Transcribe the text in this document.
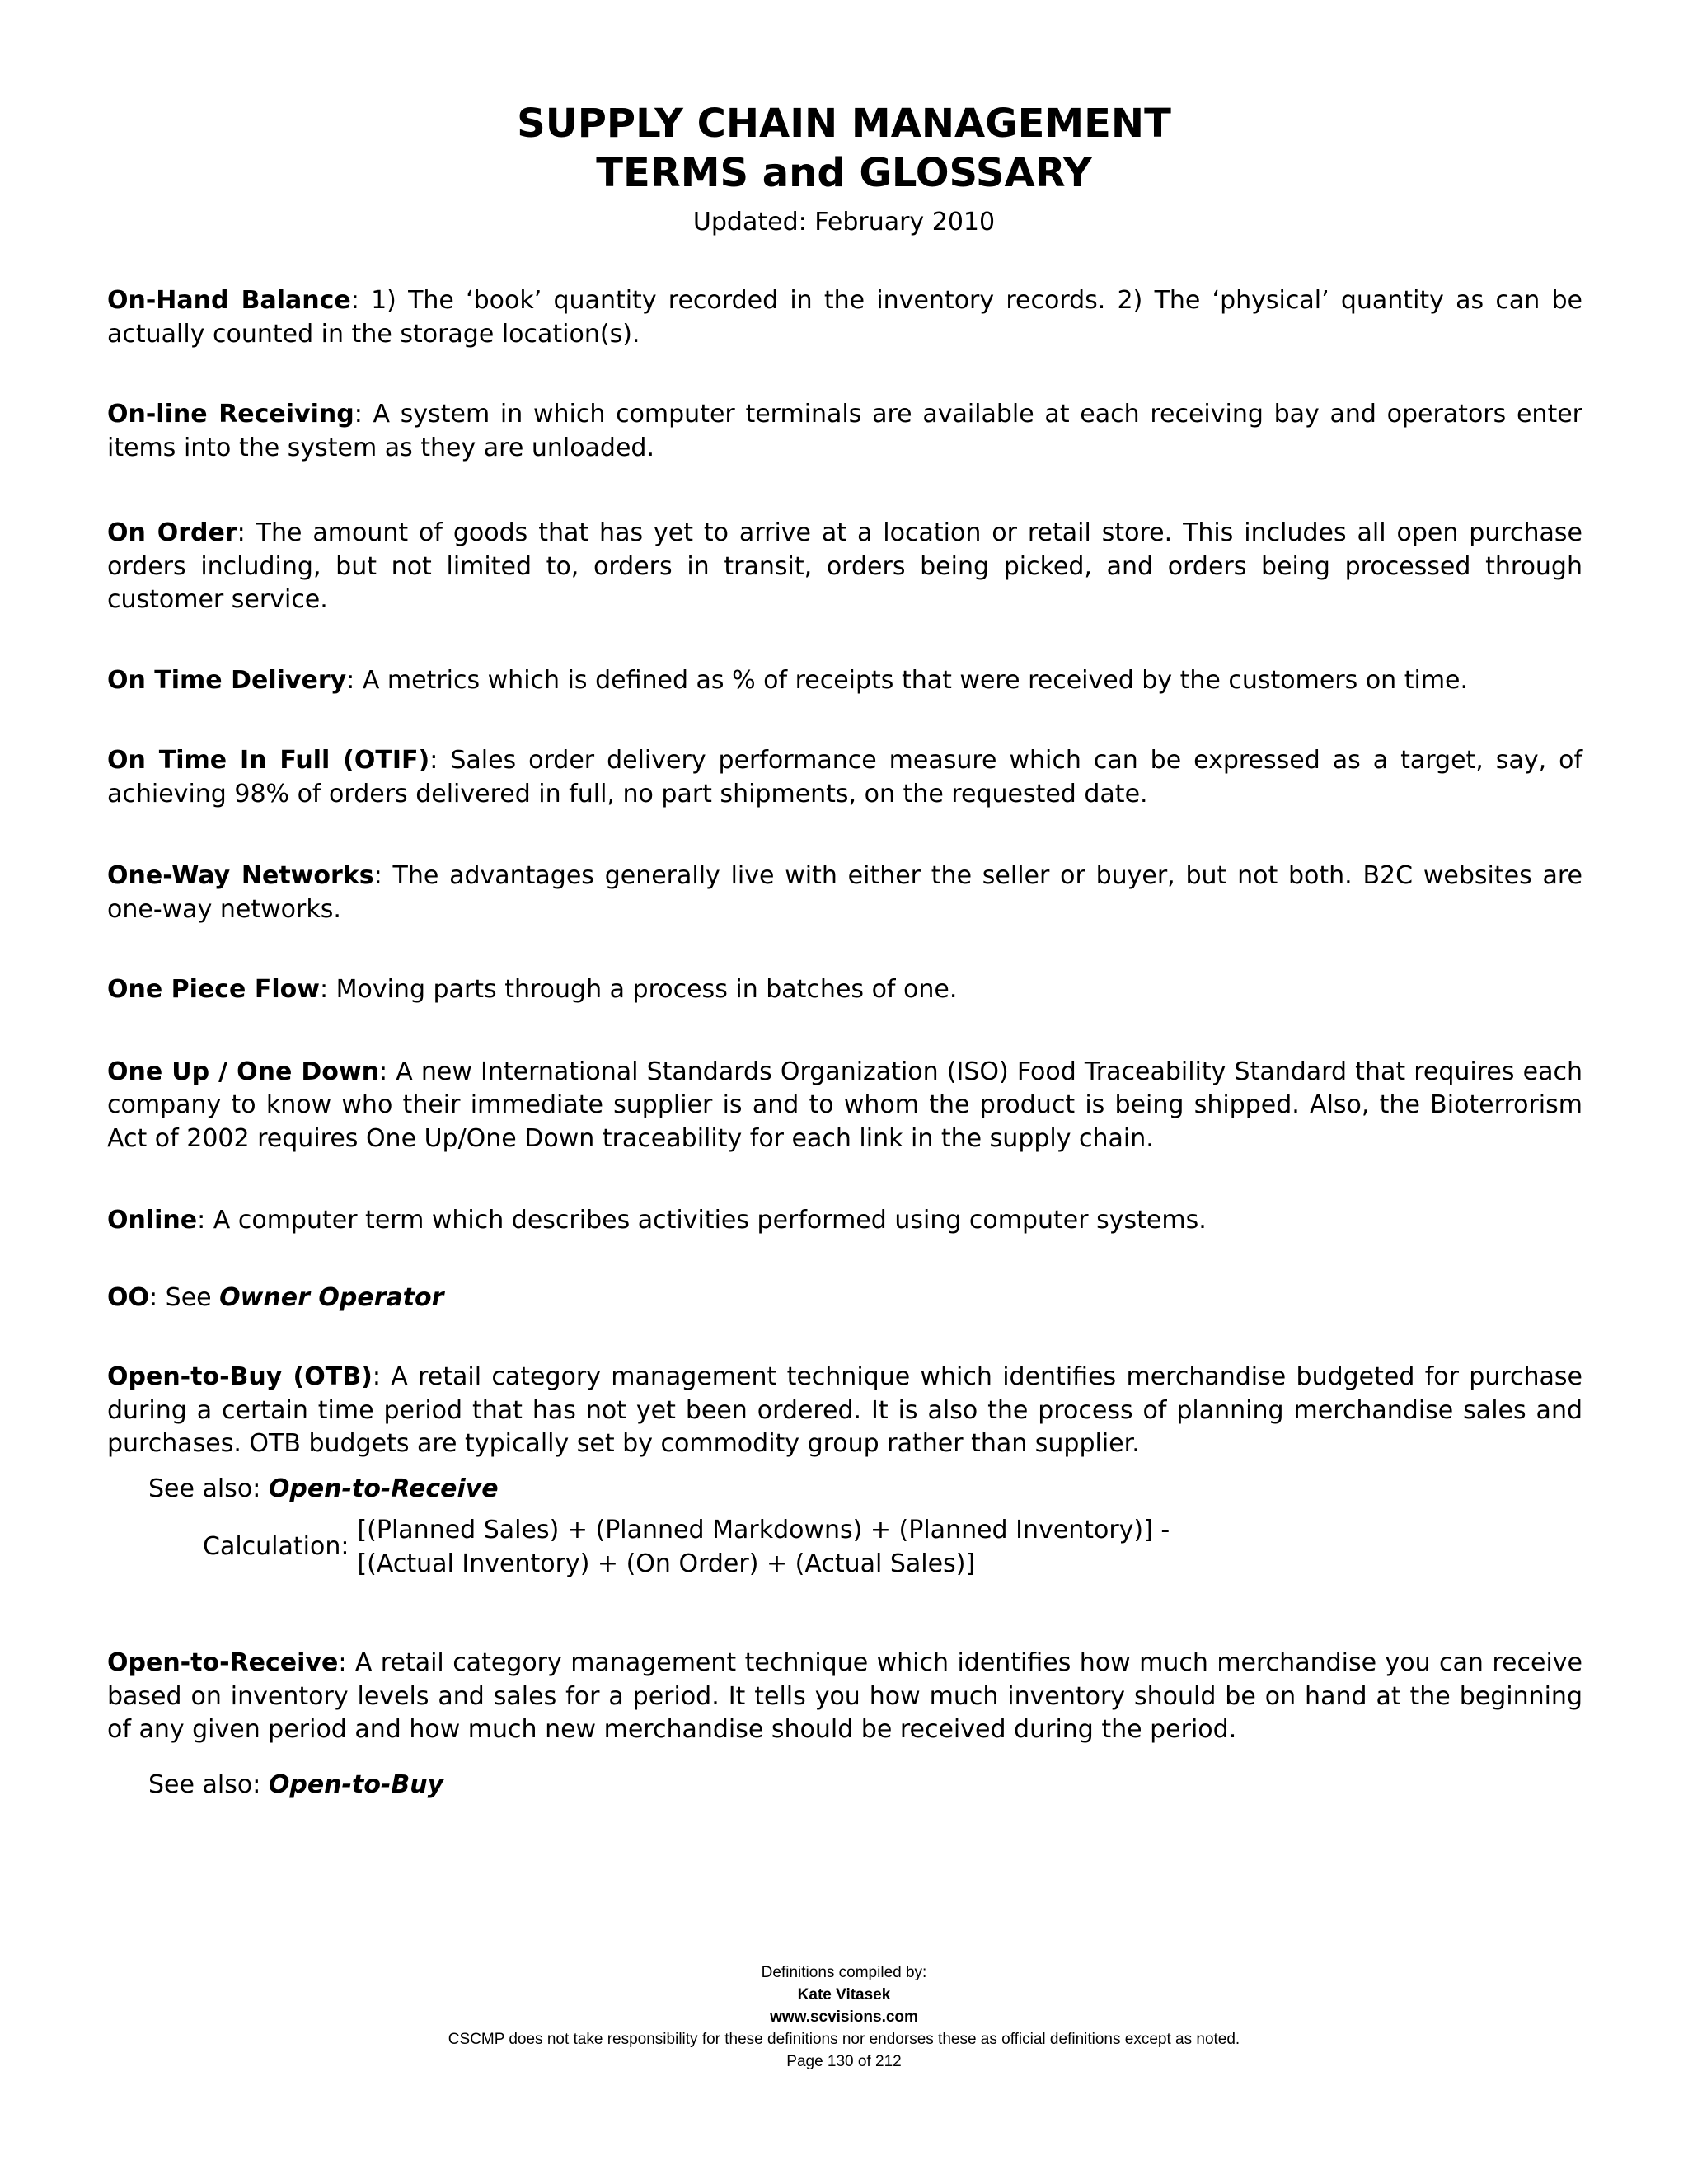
SUPPLY CHAIN MANAGEMENT
TERMS and GLOSSARY
Updated: February 2010

On-Hand Balance: 1) The ‘book’ quantity recorded in the inventory records. 2) The ‘physical’ quantity as can be actually counted in the storage location(s).

On-line Receiving: A system in which computer terminals are available at each receiving bay and operators enter items into the system as they are unloaded.

On Order: The amount of goods that has yet to arrive at a location or retail store. This includes all open purchase orders including, but not limited to, orders in transit, orders being picked, and orders being processed through customer service.

On Time Delivery: A metrics which is defined as % of receipts that were received by the customers on time.

On Time In Full (OTIF): Sales order delivery performance measure which can be expressed as a target, say, of achieving 98% of orders delivered in full, no part shipments, on the requested date.

One-Way Networks: The advantages generally live with either the seller or buyer, but not both. B2C websites are one-way networks.

One Piece Flow: Moving parts through a process in batches of one.

One Up / One Down: A new International Standards Organization (ISO) Food Traceability Standard that requires each company to know who their immediate supplier is and to whom the product is being shipped. Also, the Bioterrorism Act of 2002 requires One Up/One Down traceability for each link in the supply chain.

Online: A computer term which describes activities performed using computer systems.

OO: See Owner Operator

Open-to-Buy (OTB): A retail category management technique which identifies merchandise budgeted for purchase during a certain time period that has not yet been ordered. It is also the process of planning merchandise sales and purchases. OTB budgets are typically set by commodity group rather than supplier.

See also: Open-to-Receive
Calculation:
[(Planned Sales) + (Planned Markdowns) + (Planned Inventory)] -
[(Actual Inventory) + (On Order) + (Actual Sales)]

Open-to-Receive: A retail category management technique which identifies how much merchandise you can receive based on inventory levels and sales for a period. It tells you how much inventory should be on hand at the beginning of any given period and how much new merchandise should be received during the period.

See also: Open-to-Buy
Definitions compiled by:
Kate Vitasek
www.scvisions.com
CSCMP does not take responsibility for these definitions nor endorses these as official definitions except as noted.
Page 130 of 212
